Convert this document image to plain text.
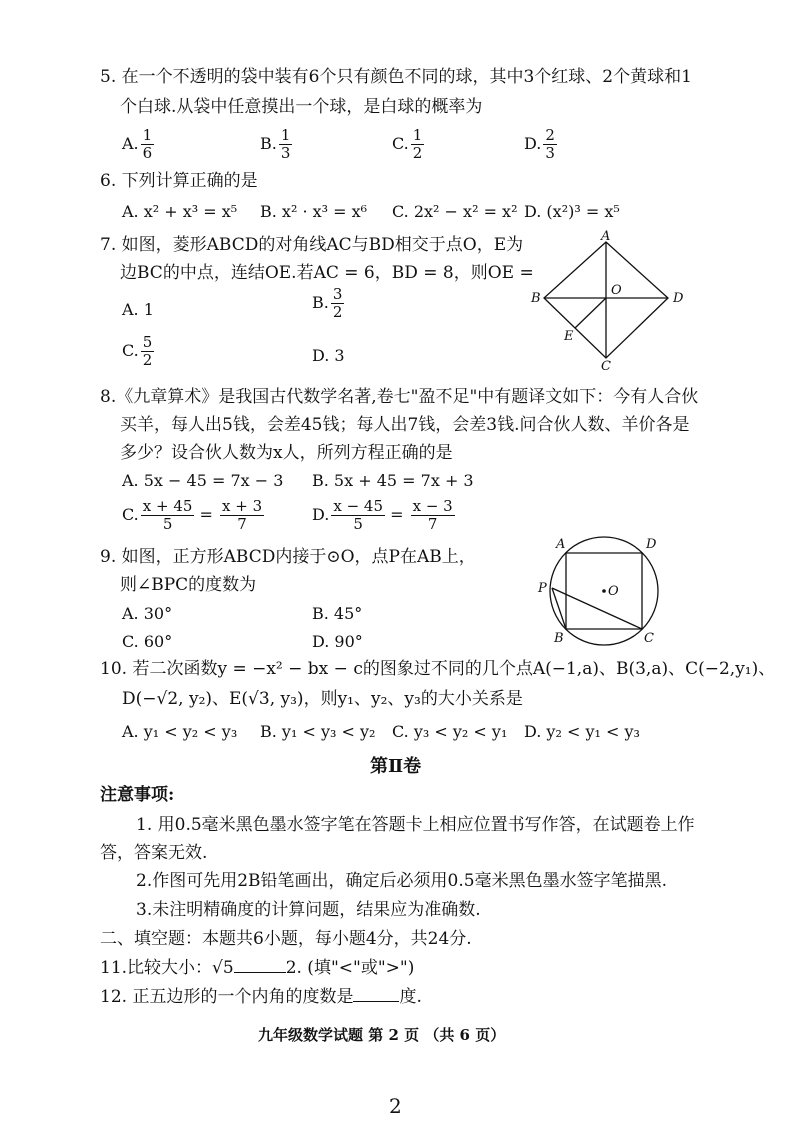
5. 在一个不透明的袋中装有6个只有颜色不同的球，其中3个红球、2个黄球和1
个白球.从袋中任意摸出一个球，是白球的概率为
A. $\frac{1}{6}$	B. $\frac{1}{3}$	C. $\frac{1}{2}$	D. $\frac{2}{3}$
6. 下列计算正确的是
A. x² + x³ = x⁵ B. x² · x³ = x⁶ C. 2x² − x² = x² D. (x²)³ = x⁵
7. 如图，菱形ABCD的对角线AC与BD相交于点O，E为
边BC的中点，连结OE.若AC = 6，BD = 8，则OE =
A. 1	B. $\frac{3}{2}$
C. $\frac{5}{2}$	D. 3
A
B
C
D
O
E
8.《九章算术》是我国古代数学名著,卷七"盈不足"中有题译文如下：今有人合伙
买羊，每人出5钱，会差45钱；每人出7钱，会差3钱.问合伙人数、羊价各是
多少？设合伙人数为x人，所列方程正确的是
A. 5x − 45 = 7x − 3 B. 5x + 45 = 7x + 3
C. $\frac{x + 45}{5} = \frac{x + 3}{7}$	D. $\frac{x - 45}{5} = \frac{x - 3}{7}$
9. 如图，正方形ABCD内接于⊙O，点P在AB上，
则∠BPC的度数为
A. 30°	B. 45°
C. 60°	D. 90°
A	D
P	O
B	C
10. 若二次函数y = −x² − bx − c的图象过不同的几个点A(−1,a)、B(3,a)、C(−2,y₁)、
D(−√2, y₂)、E(√3, y₃)，则y₁、y₂、y₃的大小关系是
A. y₁ < y₂ < y₃ B. y₁ < y₃ < y₂ C. y₃ < y₂ < y₁ D. y₂ < y₁ < y₃
第Ⅱ卷
注意事项:
1. 用0.5毫米黑色墨水签字笔在答题卡上相应位置书写作答，在试题卷上作
答，答案无效.
2.作图可先用2B铅笔画出，确定后必须用0.5毫米黑色墨水签字笔描黑.
3.未注明精确度的计算问题，结果应为准确数.
二、填空题：本题共6小题，每小题4分，共24分.
11.比较大小：√5	2. (填"<"或">")
12. 正五边形的一个内角的度数是	度.
九年级数学试题 第 2 页 （共 6 页）
2
